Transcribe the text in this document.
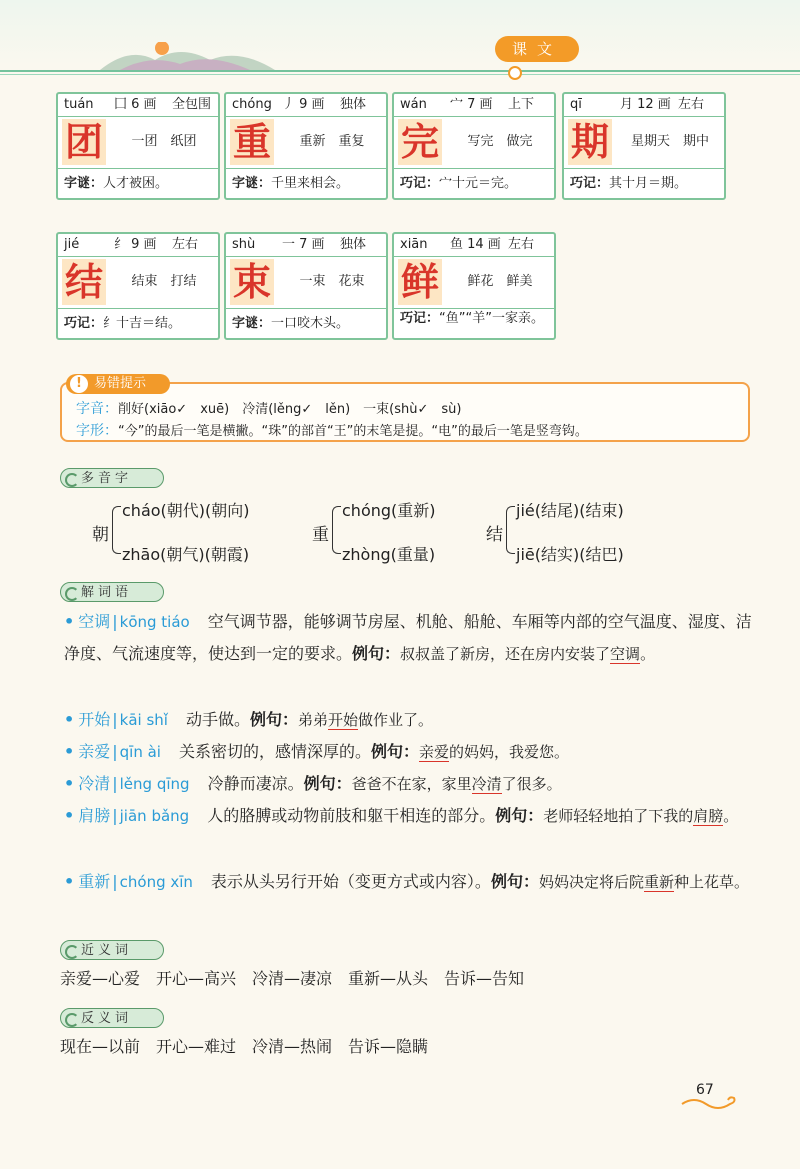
课文
tuán 囗 6 画 全包围
团	一团　纸团
字谜：人才被困。
chóng 丿 9 画 独体
重	重新　重复
字谜：千里来相会。
wán 宀 7 画 上下
完	写完　做完
巧记：宀十元＝完。
qī	月 12 画 左右
期	星期天　期中
巧记：其十月＝期。
jié	纟 9 画 左右
结	结束　打结
巧记：纟十吉＝结。
shù 一 7 画 独体
束	一束　花束
字谜：一口咬木头。
xiān 鱼 14 画 左右
鲜	鲜花　鲜美
巧记：“鱼”“羊”一家亲。
易错提示
!
字音：削好(xiāo✓　xuē)　冷清(lěng✓　lěn)　一束(shù✓　sù)
字形：“今”的最后一笔是横撇。“珠”的部首“王”的末笔是提。“电”的最后一笔是竖弯钩。
多音字
朝
cháo(朝代)(朝向)
zhāo(朝气)(朝霞)
重
chóng(重新)
zhòng(重量)
结
jié(结尾)(结束)
jiē(结实)(结巴)
解词语
• 空调 | kōng tiáo 空气调节器，能够调节房屋、机舱、船舱、车厢等内部的空气温度、湿度、洁净度、气流速度等，使达到一定的要求。例句：叔叔盖了新房，还在房内安装了空调。
• 开始 | kāi shǐ 动手做。例句：弟弟开始做作业了。
• 亲爱 | qīn ài 关系密切的，感情深厚的。例句：亲爱的妈妈，我爱您。
• 冷清 | lěng qīng 冷静而凄凉。例句：爸爸不在家，家里冷清了很多。
• 肩膀 | jiān bǎng 人的胳膊或动物前肢和躯干相连的部分。例句：老师轻轻地拍了下我的肩膀。
• 重新 | chóng xīn 表示从头另行开始（变更方式或内容）。例句：妈妈决定将后院重新种上花草。
近义词
亲爱—心爱　开心—高兴　冷清—凄凉　重新—从头　告诉—告知
反义词
现在—以前　开心—难过　冷清—热闹　告诉—隐瞒
67
